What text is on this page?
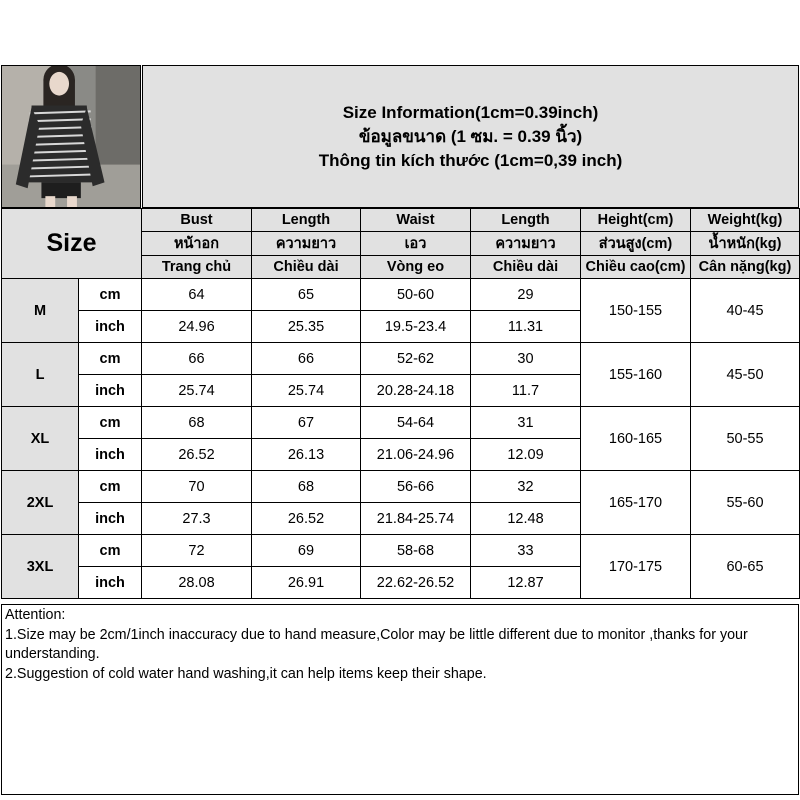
Size Information(1cm=0.39inch)
ข้อมูลขนาด (1 ซม. = 0.39 นิ้ว)
Thông tin kích thước (1cm=0,39 inch)
Size		Bust	Length	Waist	Length	Height(cm)	Weight(kg)
		หน้าอก	ความยาว	เอว	ความยาว	ส่วนสูง(cm)	น้ำหนัก(kg)
		Trang chủ	Chiều dài	Vòng eo	Chiều dài	Chiều cao(cm)	Cân nặng(kg)
M	cm	64	65	50-60	29	150-155	40-45
	inch	24.96	25.35	19.5-23.4	11.31		
L	cm	66	66	52-62	30	155-160	45-50
	inch	25.74	25.74	20.28-24.18	11.7		
XL	cm	68	67	54-64	31	160-165	50-55
	inch	26.52	26.13	21.06-24.96	12.09		
2XL	cm	70	68	56-66	32	165-170	55-60
	inch	27.3	26.52	21.84-25.74	12.48		
3XL	cm	72	69	58-68	33	170-175	60-65
	inch	28.08	26.91	22.62-26.52	12.87		
Attention:
1.Size may be 2cm/1inch inaccuracy due to hand measure,Color may be little different due to monitor ,thanks for your understanding.
2.Suggestion of cold water hand washing,it can help items keep their shape.
